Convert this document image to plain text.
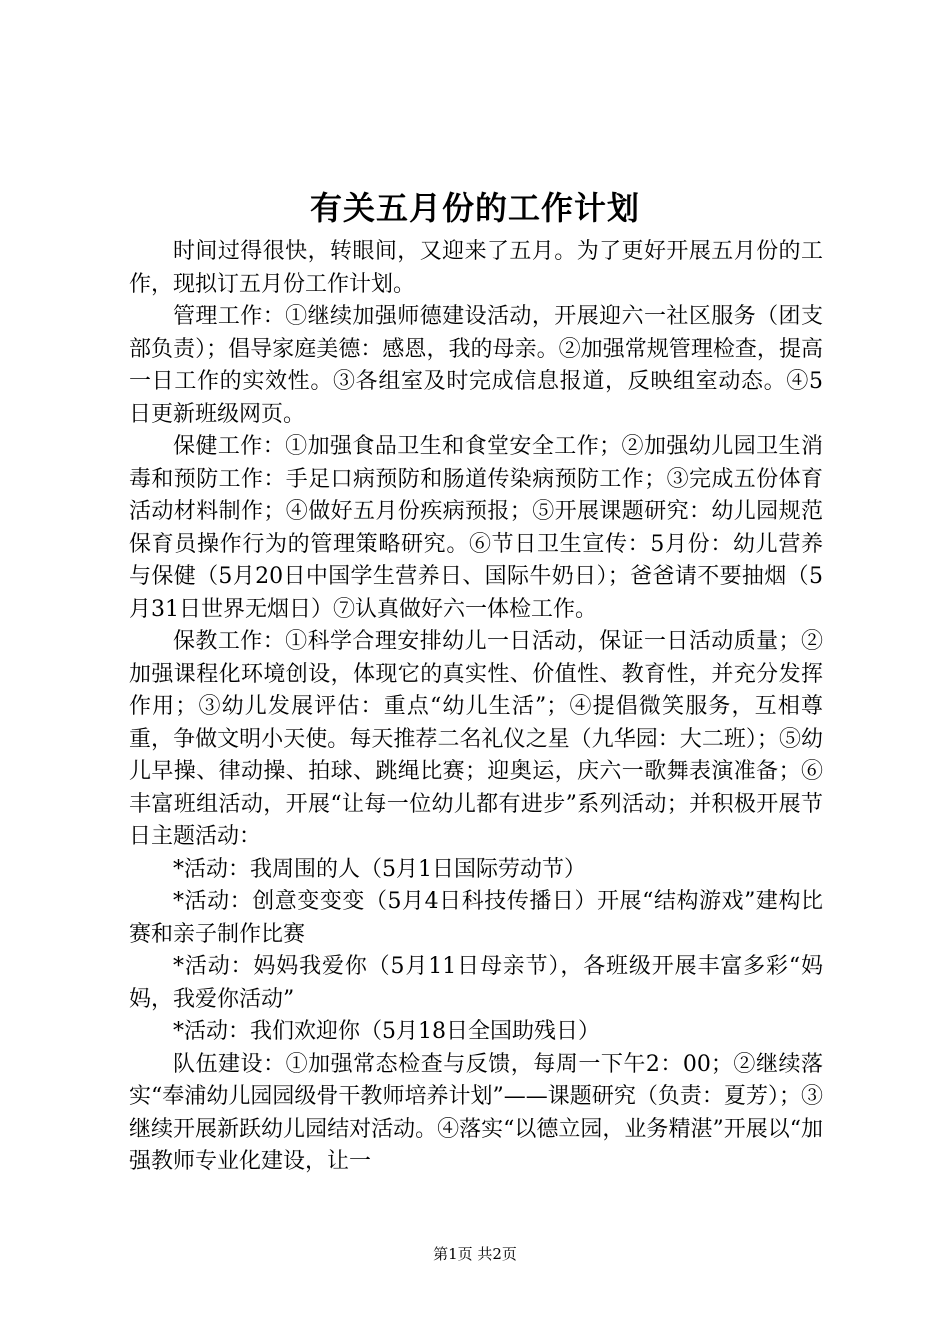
有关五月份的工作计划

时间过得很快，转眼间，又迎来了五月。为了更好开展五月份的工作，现拟订五月份工作计划。

管理工作：①继续加强师德建设活动，开展迎六一社区服务（团支部负责）；倡导家庭美德：感恩，我的母亲。②加强常规管理检查，提高一日工作的实效性。③各组室及时完成信息报道，反映组室动态。④5日更新班级网页。

保健工作：①加强食品卫生和食堂安全工作；②加强幼儿园卫生消毒和预防工作：手足口病预防和肠道传染病预防工作；③完成五份体育活动材料制作；④做好五月份疾病预报；⑤开展课题研究：幼儿园规范保育员操作行为的管理策略研究。⑥节日卫生宣传：5月份：幼儿营养与保健（5月20日中国学生营养日、国际牛奶日）；爸爸请不要抽烟（5月31日世界无烟日）⑦认真做好六一体检工作。

保教工作：①科学合理安排幼儿一日活动，保证一日活动质量；②加强课程化环境创设，体现它的真实性、价值性、教育性，并充分发挥作用；③幼儿发展评估：重点“幼儿生活”；④提倡微笑服务，互相尊重，争做文明小天使。每天推荐二名礼仪之星（九华园：大二班）；⑤幼儿早操、律动操、拍球、跳绳比赛；迎奥运，庆六一歌舞表演准备；⑥丰富班组活动，开展“让每一位幼儿都有进步”系列活动；并积极开展节日主题活动：

*活动：我周围的人（5月1日国际劳动节）

*活动：创意变变变（5月4日科技传播日）开展“结构游戏”建构比赛和亲子制作比赛

*活动：妈妈我爱你（5月11日母亲节），各班级开展丰富多彩“妈妈，我爱你活动”

*活动：我们欢迎你（5月18日全国助残日）

队伍建设：①加强常态检查与反馈，每周一下午2：00；②继续落实“奉浦幼儿园园级骨干教师培养计划”——课题研究（负责：夏芳）；③继续开展新跃幼儿园结对活动。④落实“以德立园，业务精湛”开展以“加强教师专业化建设，让一

第1页 共2页
